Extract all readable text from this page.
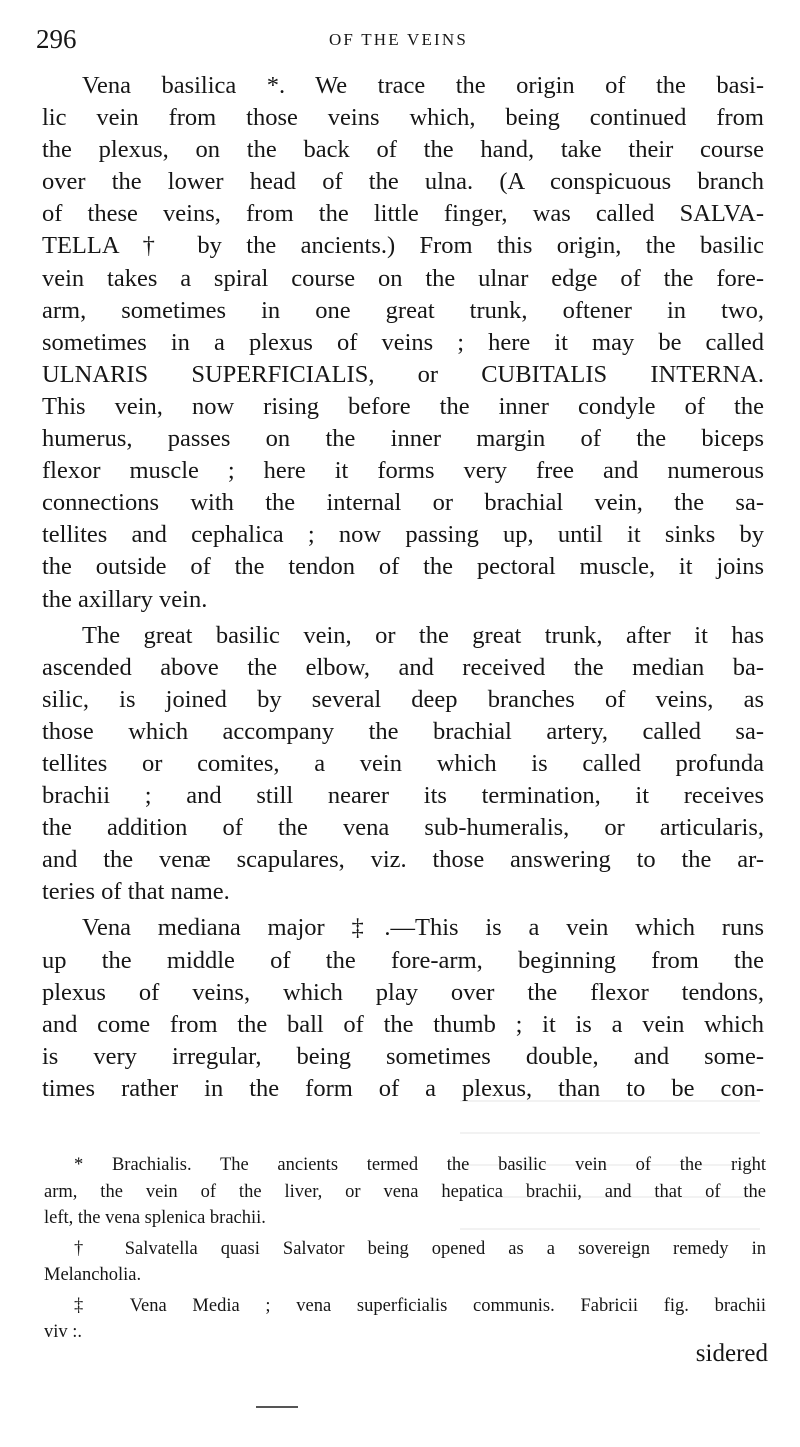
296	OF THE VEINS
Vena basilica *. We trace the origin of the basi-
lic vein from those veins which, being continued from
the plexus, on the back of the hand, take their course
over the lower head of the ulna. (A conspicuous branch
of these veins, from the little finger, was called SALVA-
TELLA † by the ancients.) From this origin, the basilic
vein takes a spiral course on the ulnar edge of the fore-
arm, sometimes in one great trunk, oftener in two,
sometimes in a plexus of veins ; here it may be called
ULNARIS SUPERFICIALIS, or CUBITALIS INTERNA.
This vein, now rising before the inner condyle of the
humerus, passes on the inner margin of the biceps
flexor muscle ; here it forms very free and numerous
connections with the internal or brachial vein, the sa-
tellites and cephalica ; now passing up, until it sinks by
the outside of the tendon of the pectoral muscle, it joins
the axillary vein.
The great basilic vein, or the great trunk, after it has
ascended above the elbow, and received the median ba-
silic, is joined by several deep branches of veins, as
those which accompany the brachial artery, called sa-
tellites or comites, a vein which is called profunda
brachii ; and still nearer its termination, it receives
the addition of the vena sub-humeralis, or articularis,
and the venæ scapulares, viz. those answering to the ar-
teries of that name.
Vena mediana major ‡.—This is a vein which runs
up the middle of the fore-arm, beginning from the
plexus of veins, which play over the flexor tendons,
and come from the ball of the thumb ; it is a vein which
is very irregular, being sometimes double, and some-
times rather in the form of a plexus, than to be con-
* Brachialis. The ancients termed the basilic vein of the right
arm, the vein of the liver, or vena hepatica brachii, and that of the
left, the vena splenica brachii.
† Salvatella quasi Salvator being opened as a sovereign remedy in
Melancholia.
‡ Vena Media ; vena superficialis communis. Fabricii fig. brachii
viv :.
sidered
